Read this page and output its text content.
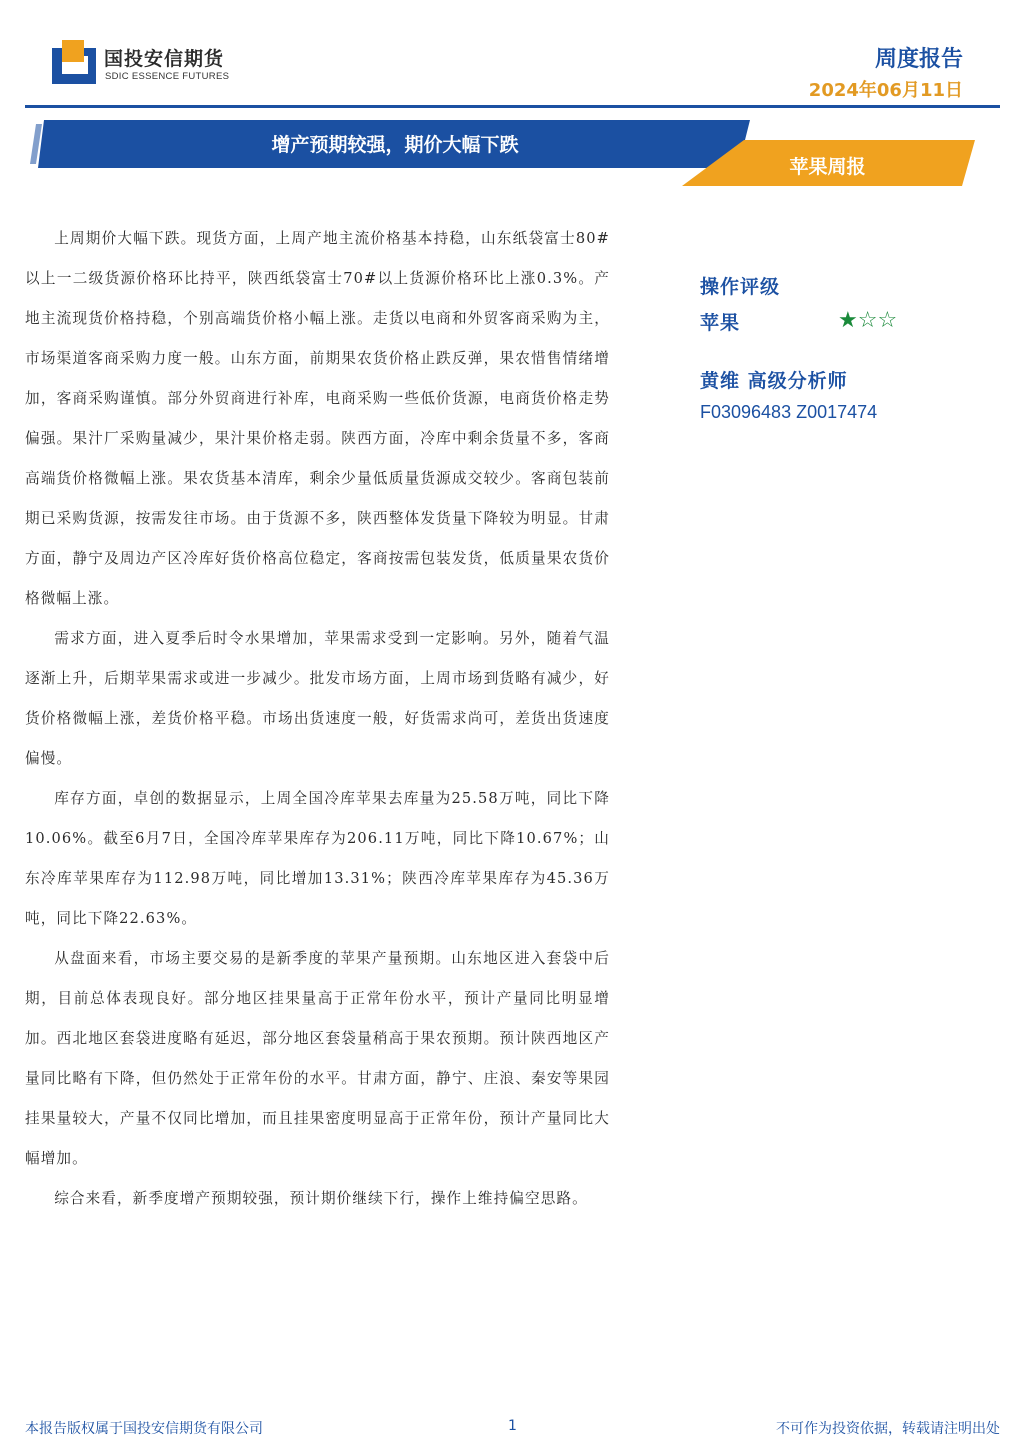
国投安信期货
SDIC ESSENCE FUTURES
周度报告
2024年06月11日
增产预期较强，期价大幅下跌
苹果周报

上周期价大幅下跌。现货方面，上周产地主流价格基本持稳，山东纸袋富士80#以上一二级货源价格环比持平，陕西纸袋富士70#以上货源价格环比上涨0.3%。产地主流现货价格持稳，个别高端货价格小幅上涨。走货以电商和外贸客商采购为主，市场渠道客商采购力度一般。山东方面，前期果农货价格止跌反弹，果农惜售情绪增加，客商采购谨慎。部分外贸商进行补库，电商采购一些低价货源，电商货价格走势偏强。果汁厂采购量减少，果汁果价格走弱。陕西方面，冷库中剩余货量不多，客商高端货价格微幅上涨。果农货基本清库，剩余少量低质量货源成交较少。客商包装前期已采购货源，按需发往市场。由于货源不多，陕西整体发货量下降较为明显。甘肃方面，静宁及周边产区冷库好货价格高位稳定，客商按需包装发货，低质量果农货价格微幅上涨。

需求方面，进入夏季后时令水果增加，苹果需求受到一定影响。另外，随着气温逐渐上升，后期苹果需求或进一步减少。批发市场方面，上周市场到货略有减少，好货价格微幅上涨，差货价格平稳。市场出货速度一般，好货需求尚可，差货出货速度偏慢。

库存方面，卓创的数据显示，上周全国冷库苹果去库量为25.58万吨，同比下降10.06%。截至6月7日，全国冷库苹果库存为206.11万吨，同比下降10.67%；山东冷库苹果库存为112.98万吨，同比增加13.31%；陕西冷库苹果库存为45.36万吨，同比下降22.63%。

从盘面来看，市场主要交易的是新季度的苹果产量预期。山东地区进入套袋中后期，目前总体表现良好。部分地区挂果量高于正常年份水平，预计产量同比明显增加。西北地区套袋进度略有延迟，部分地区套袋量稍高于果农预期。预计陕西地区产量同比略有下降，但仍然处于正常年份的水平。甘肃方面，静宁、庄浪、秦安等果园挂果量较大，产量不仅同比增加，而且挂果密度明显高于正常年份，预计产量同比大幅增加。

综合来看，新季度增产预期较强，预计期价继续下行，操作上维持偏空思路。

操作评级
苹果	★☆☆
黄维 高级分析师
F03096483 Z0017474
1
本报告版权属于国投安信期货有限公司	不可作为投资依据，转载请注明出处
